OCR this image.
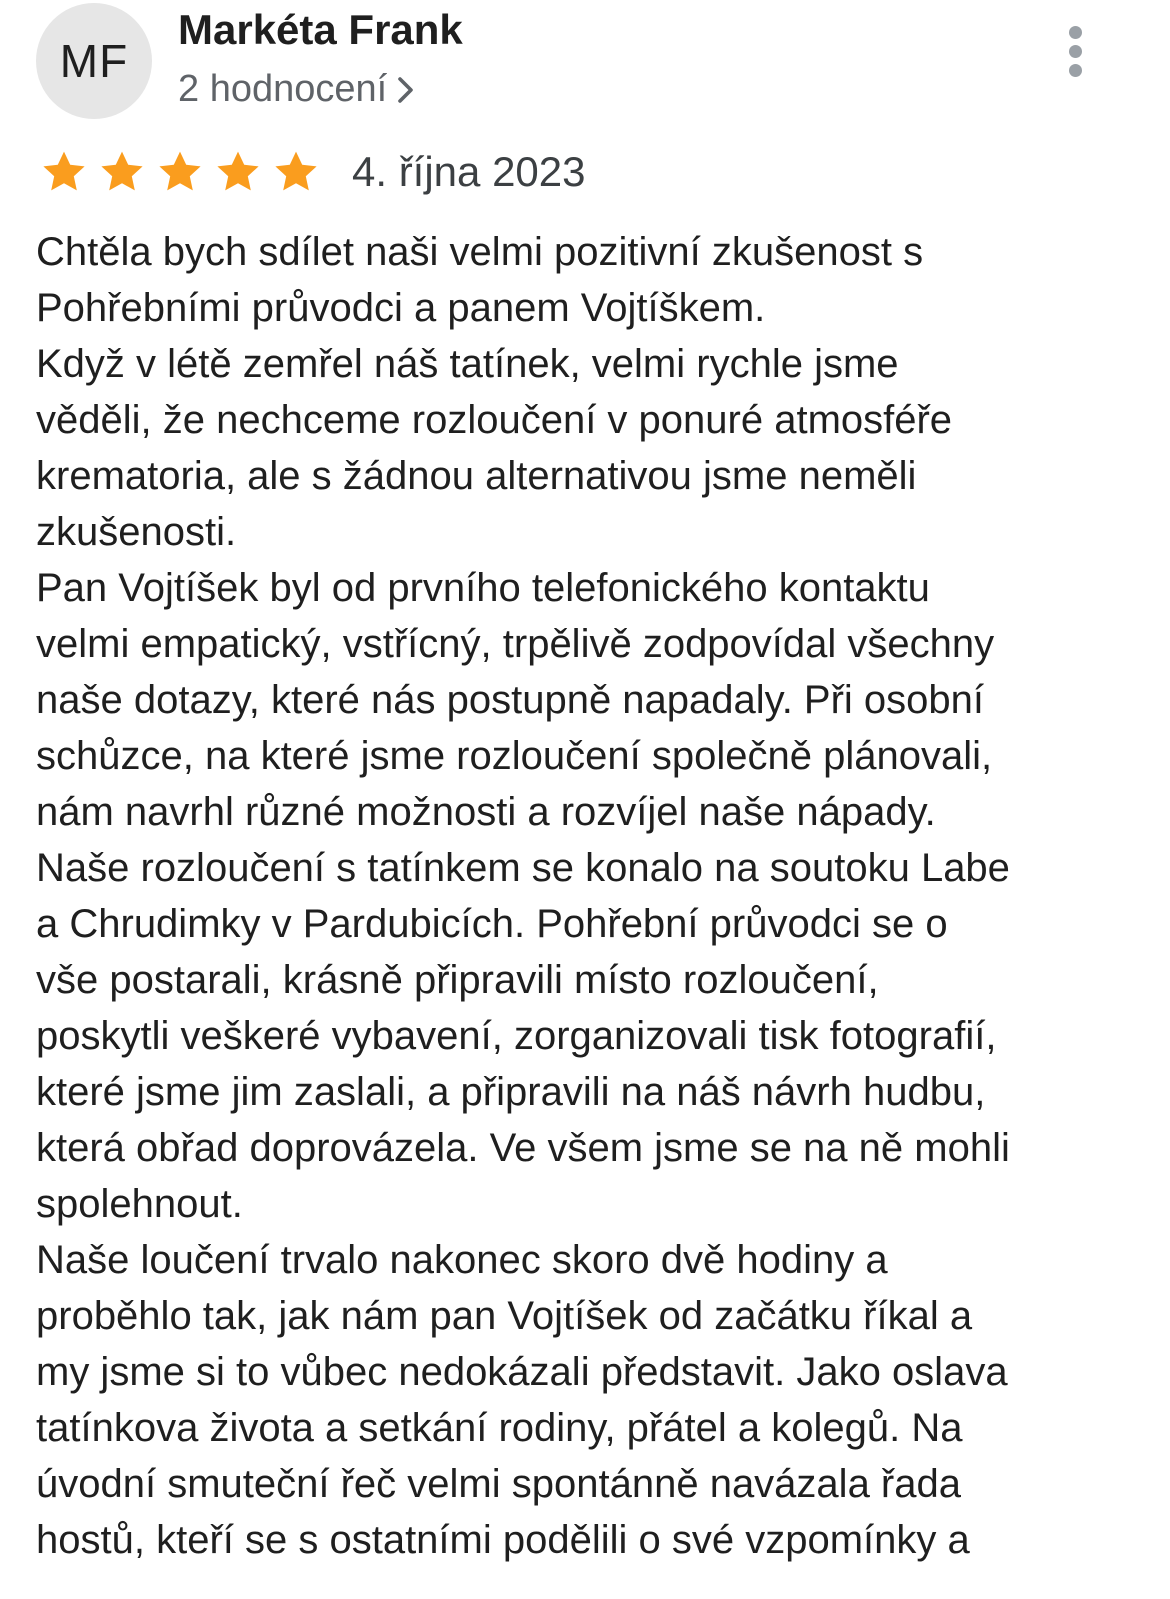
MF
Markéta Frank
2 hodnocení
4. října 2023

Chtěla bych sdílet naši velmi pozitivní zkušenost s
Pohřebními průvodci a panem Vojtíškem.
Když v létě zemřel náš tatínek, velmi rychle jsme
věděli, že nechceme rozloučení v ponuré atmosféře
krematoria, ale s žádnou alternativou jsme neměli
zkušenosti.
Pan Vojtíšek byl od prvního telefonického kontaktu
velmi empatický, vstřícný, trpělivě zodpovídal všechny
naše dotazy, které nás postupně napadaly. Při osobní
schůzce, na které jsme rozloučení společně plánovali,
nám navrhl různé možnosti a rozvíjel naše nápady.
Naše rozloučení s tatínkem se konalo na soutoku Labe
a Chrudimky v Pardubicích. Pohřební průvodci se o
vše postarali, krásně připravili místo rozloučení,
poskytli veškeré vybavení, zorganizovali tisk fotografií,
které jsme jim zaslali, a připravili na náš návrh hudbu,
která obřad doprovázela. Ve všem jsme se na ně mohli
spolehnout.
Naše loučení trvalo nakonec skoro dvě hodiny a
proběhlo tak, jak nám pan Vojtíšek od začátku říkal a
my jsme si to vůbec nedokázali představit. Jako oslava
tatínkova života a setkání rodiny, přátel a kolegů. Na
úvodní smuteční řeč velmi spontánně navázala řada
hostů, kteří se s ostatními podělili o své vzpomínky a
